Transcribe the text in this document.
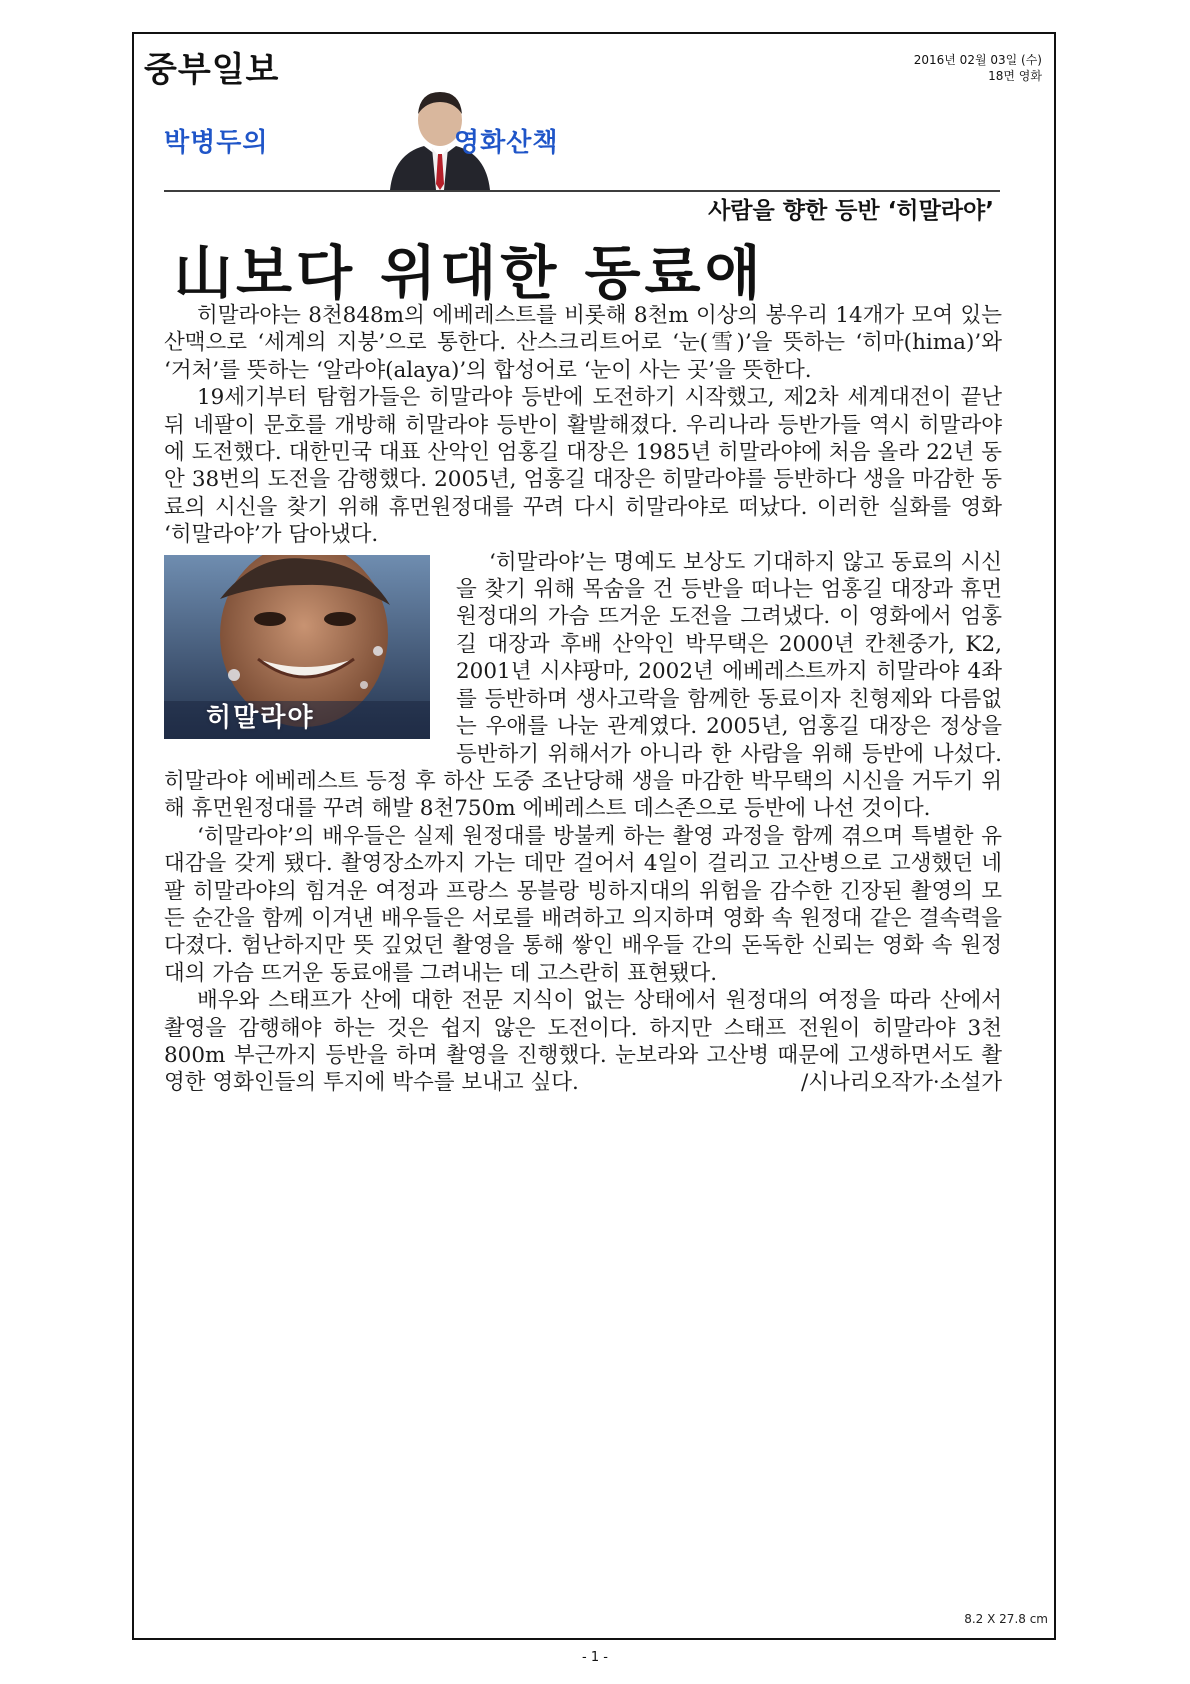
중부일보	2016년 02월 03일 (수)
18면 영화
박병두의	영화산책
사람을 향한 등반 ‘히말라야’
山보다 위대한 동료애

히말라야는 8천848m의 에베레스트를 비롯해 8천m 이상의 봉우리 14개가 모여 있는 산맥으로 ‘세계의 지붕’으로 통한다. 산스크리트어로 ‘눈(雪)’을 뜻하는 ‘히마(hima)’와 ‘거처’를 뜻하는 ‘알라야(alaya)’의 합성어로 ‘눈이 사는 곳’을 뜻한다.

19세기부터 탐험가들은 히말라야 등반에 도전하기 시작했고, 제2차 세계대전이 끝난 뒤 네팔이 문호를 개방해 히말라야 등반이 활발해졌다. 우리나라 등반가들 역시 히말라야에 도전했다. 대한민국 대표 산악인 엄홍길 대장은 1985년 히말라야에 처음 올라 22년 동안 38번의 도전을 감행했다. 2005년, 엄홍길 대장은 히말라야를 등반하다 생을 마감한 동료의 시신을 찾기 위해 휴먼원정대를 꾸려 다시 히말라야로 떠났다. 이러한 실화를 영화 ‘히말라야’가 담아냈다.

히말라야

‘히말라야’는 명예도 보상도 기대하지 않고 동료의 시신을 찾기 위해 목숨을 건 등반을 떠나는 엄홍길 대장과 휴먼원정대의 가슴 뜨거운 도전을 그려냈다. 이 영화에서 엄홍길 대장과 후배 산악인 박무택은 2000년 칸첸중가, K2, 2001년 시샤팡마, 2002년 에베레스트까지 히말라야 4좌를 등반하며 생사고락을 함께한 동료이자 친형제와 다름없는 우애를 나눈 관계였다. 2005년, 엄홍길 대장은 정상을 등반하기 위해서가 아니라 한 사람을 위해 등반에 나섰다. 히말라야 에베레스트 등정 후 하산 도중 조난당해 생을 마감한 박무택의 시신을 거두기 위해 휴먼원정대를 꾸려 해발 8천750m 에베레스트 데스존으로 등반에 나선 것이다.

‘히말라야’의 배우들은 실제 원정대를 방불케 하는 촬영 과정을 함께 겪으며 특별한 유대감을 갖게 됐다. 촬영장소까지 가는 데만 걸어서 4일이 걸리고 고산병으로 고생했던 네팔 히말라야의 힘겨운 여정과 프랑스 몽블랑 빙하지대의 위험을 감수한 긴장된 촬영의 모든 순간을 함께 이겨낸 배우들은 서로를 배려하고 의지하며 영화 속 원정대 같은 결속력을 다졌다. 험난하지만 뜻 깊었던 촬영을 통해 쌓인 배우들 간의 돈독한 신뢰는 영화 속 원정대의 가슴 뜨거운 동료애를 그려내는 데 고스란히 표현됐다.

배우와 스태프가 산에 대한 전문 지식이 없는 상태에서 원정대의 여정을 따라 산에서 촬영을 감행해야 하는 것은 쉽지 않은 도전이다. 하지만 스태프 전원이 히말라야 3천800m 부근까지 등반을 하며 촬영을 진행했다. 눈보라와 고산병 때문에 고생하면서도 촬영한 영화인들의 투지에 박수를 보내고 싶다.	/시나리오작가·소설가

8.2 X 27.8 cm
- 1 -
